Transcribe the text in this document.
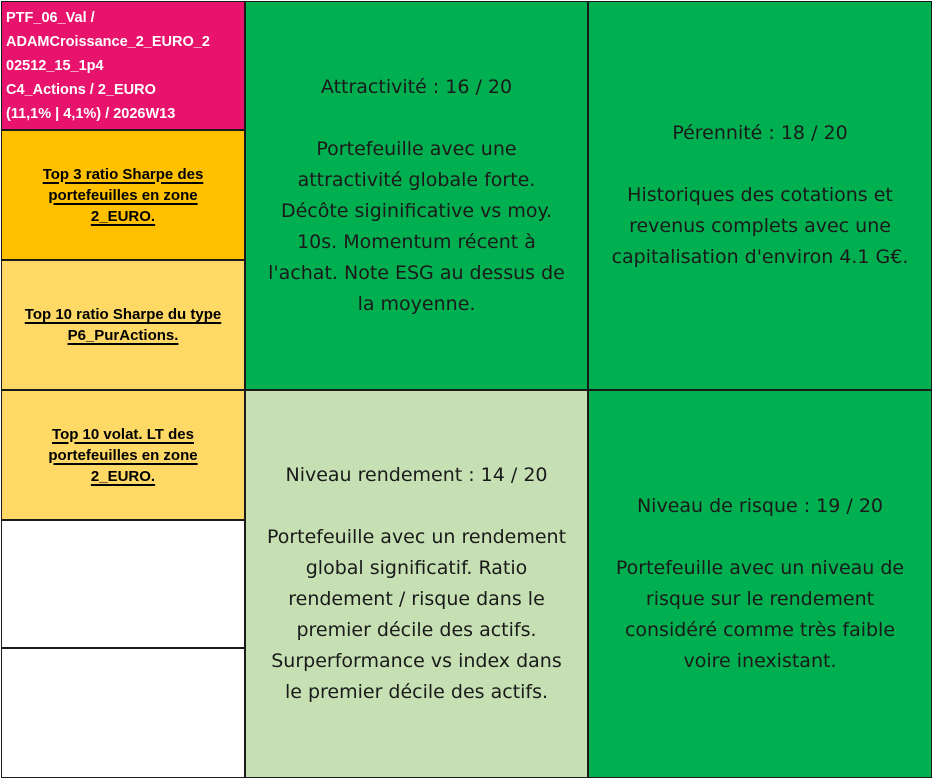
PTF_06_Val /
ADAMCroissance_2_EURO_2
02512_15_1p4
C4_Actions / 2_EURO
(11,1% | 4,1%) / 2026W13
Top 3 ratio Sharpe des portefeuilles en zone 2_EURO.
Top 10 ratio Sharpe du type P6_PurActions.
Top 10 volat. LT des portefeuilles en zone 2_EURO.
Attractivité : 16 / 20
Portefeuille avec une
attractivité globale forte.
Décôte siginificative vs moy.
10s. Momentum récent à
l'achat. Note ESG au dessus de
la moyenne.
Pérennité : 18 / 20
Historiques des cotations et
revenus complets avec une
capitalisation d'environ 4.1 G€.
Niveau rendement : 14 / 20
Portefeuille avec un rendement
global significatif. Ratio
rendement / risque dans le
premier décile des actifs.
Surperformance vs index dans
le premier décile des actifs.
Niveau de risque : 19 / 20
Portefeuille avec un niveau de
risque sur le rendement
considéré comme très faible
voire inexistant.
